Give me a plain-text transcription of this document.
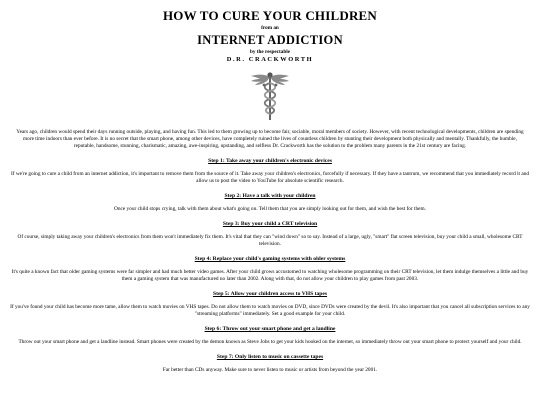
HOW TO CURE YOUR CHILDREN
from an
INTERNET ADDICTION
by the respectable
D.R. CRACKWORTH

Years ago, children would spend their days running outside, playing, and having fun. This led to them growing up to become fair, sociable, moral members of society. However, with recent technological developments, children are spending more time indoors than ever before. It is no secret that the smart phone, among other devices, have completely ruined the lives of countless children by stunting their development both physically and mentally. Thankfully, the humble, reputable, handsome, stunning, charismatic, amazing, awe-inspiring, upstanding, and selfless Dr. Crackworth has the solution to the problem many parents in the 21st century are facing.

Step 1: Take away your children's electronic devices

If we're going to cure a child from an internet addiction, it's important to remove them from the source of it. Take away your children's electronics, forcefully if necessary. If they have a tantrum, we recommend that you immediately record it and allow us to post the video to YouTube for absolute scientific research.

Step 2: Have a talk with your children

Once your child stops crying, talk with them about what's going on. Tell them that you are simply looking out for them, and wish the best for them.

Step 3: Buy your child a CRT television

Of course, simply taking away your children's electronics from them won't immediately fix them. It's vital that they can "wind down" so to say. Instead of a large, ugly, "smart" flat screen television, buy your child a small, wholesome CRT television.

Step 4: Replace your child's gaming systems with older systems

It's quite a known fact that older gaming systems were far simpler and had much better video games. After your child grows accustomed to watching wholesome programming on their CRT television, let them indulge themselves a little and buy them a gaming system that was manufactured no later than 2002. Along with that, do not allow your children to play games from past 2003.

Step 5: Allow your children access to VHS tapes

If you've found your child has become more tame, allow them to watch movies on VHS tapes. Do not allow them to watch movies on DVD, since DVDs were created by the devil. It's also important that you cancel all subscription services to any "streaming platforms" immediately. Set a good example for your child.

Step 6: Throw out your smart phone and get a landline

Throw out your smart phone and get a landline instead. Smart phones were created by the demon known as Steve Jobs to get your kids hooked on the internet, so immediately throw out your smart phone to protect yourself and your child.

Step 7: Only listen to music on cassette tapes

Far better than CDs anyway. Make sure to never listen to music or artists from beyond the year 2001.
